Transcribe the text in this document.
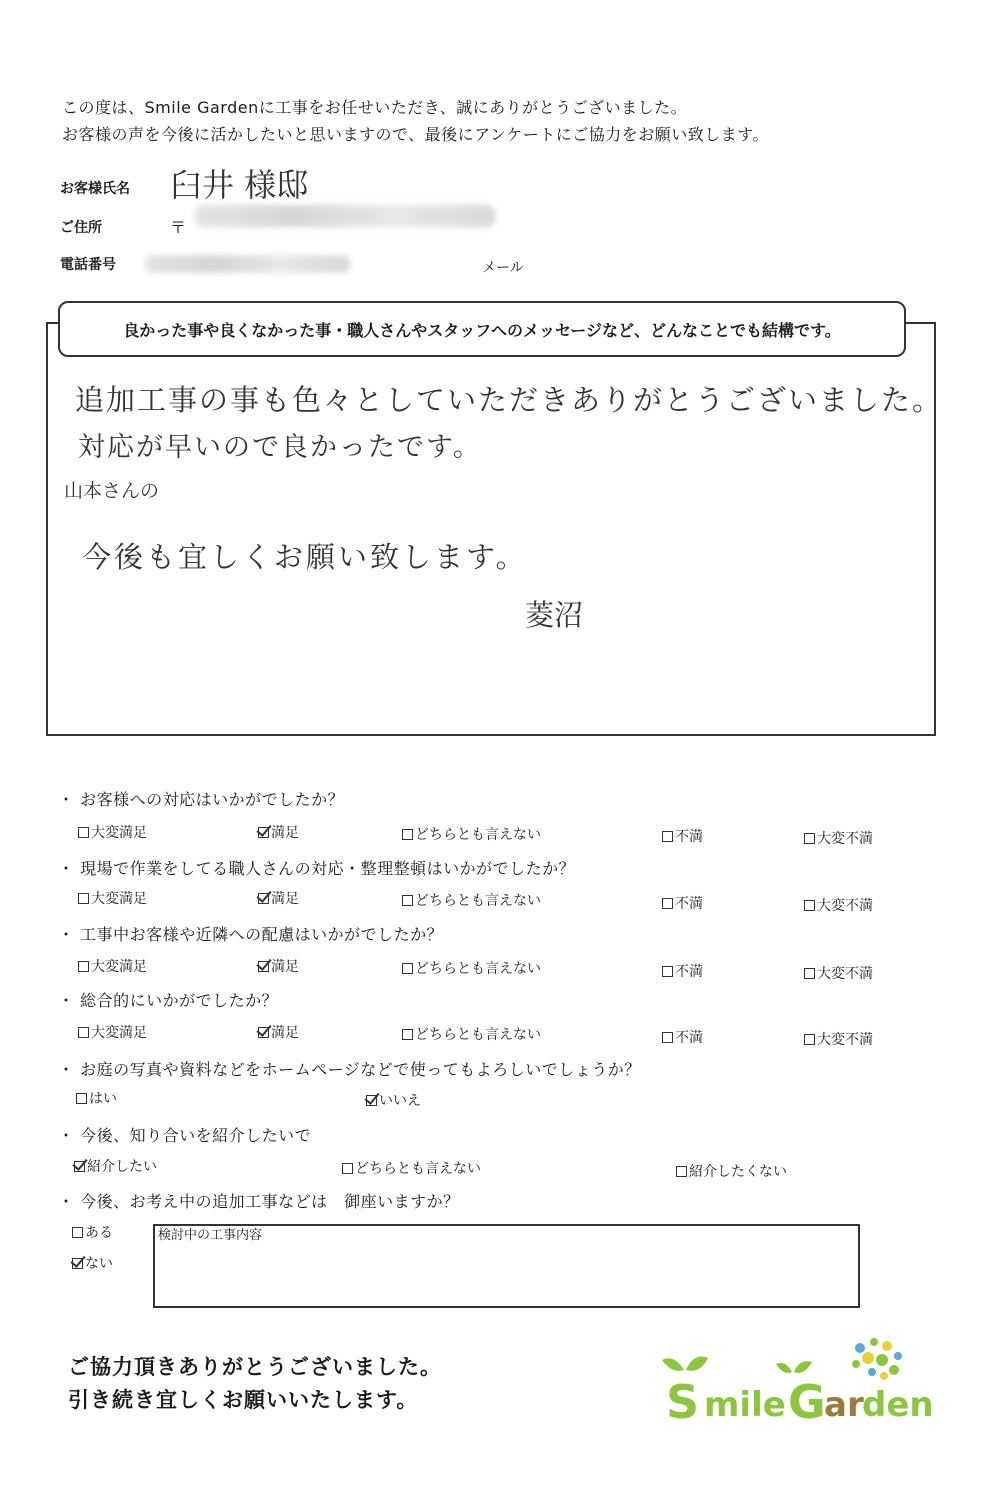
この度は、Smile Gardenに工事をお任せいただき、誠にありがとうございました。
お客様の声を今後に活かしたいと思いますので、最後にアンケートにご協力をお願い致します。
お客様氏名 臼井 様邸
ご住所	〒
電話番号	メール
良かった事や良くなかった事・職人さんやスタッフへのメッセージなど、どんなことでも結構です。
追加工事の事も色々としていただきありがとうございました。
対応が早いので良かったです。
山本さんの
今後も宜しくお願い致します。
菱沼
・ お客様への対応はいかがでしたか？
大変満足	満足	どちらとも言えない	不満	大変不満
・ 現場で作業をしてる職人さんの対応・整理整頓はいかがでしたか？
大変満足	満足	どちらとも言えない	不満	大変不満
・ 工事中お客様や近隣への配慮はいかがでしたか？
大変満足	満足	どちらとも言えない	不満	大変不満
・ 総合的にいかがでしたか？
大変満足	満足	どちらとも言えない	不満	大変不満
・ お庭の写真や資料などをホームページなどで使ってもよろしいでしょうか？
はい	いいえ
・ 今後、知り合いを紹介したいで
紹介したい	どちらとも言えない	紹介したくない
・ 今後、お考え中の追加工事などは　御座いますか？
ある
ない
検討中の工事内容
ご協力頂きありがとうございました。
引き続き宜しくお願いいたします。	S mile G
ar
den
